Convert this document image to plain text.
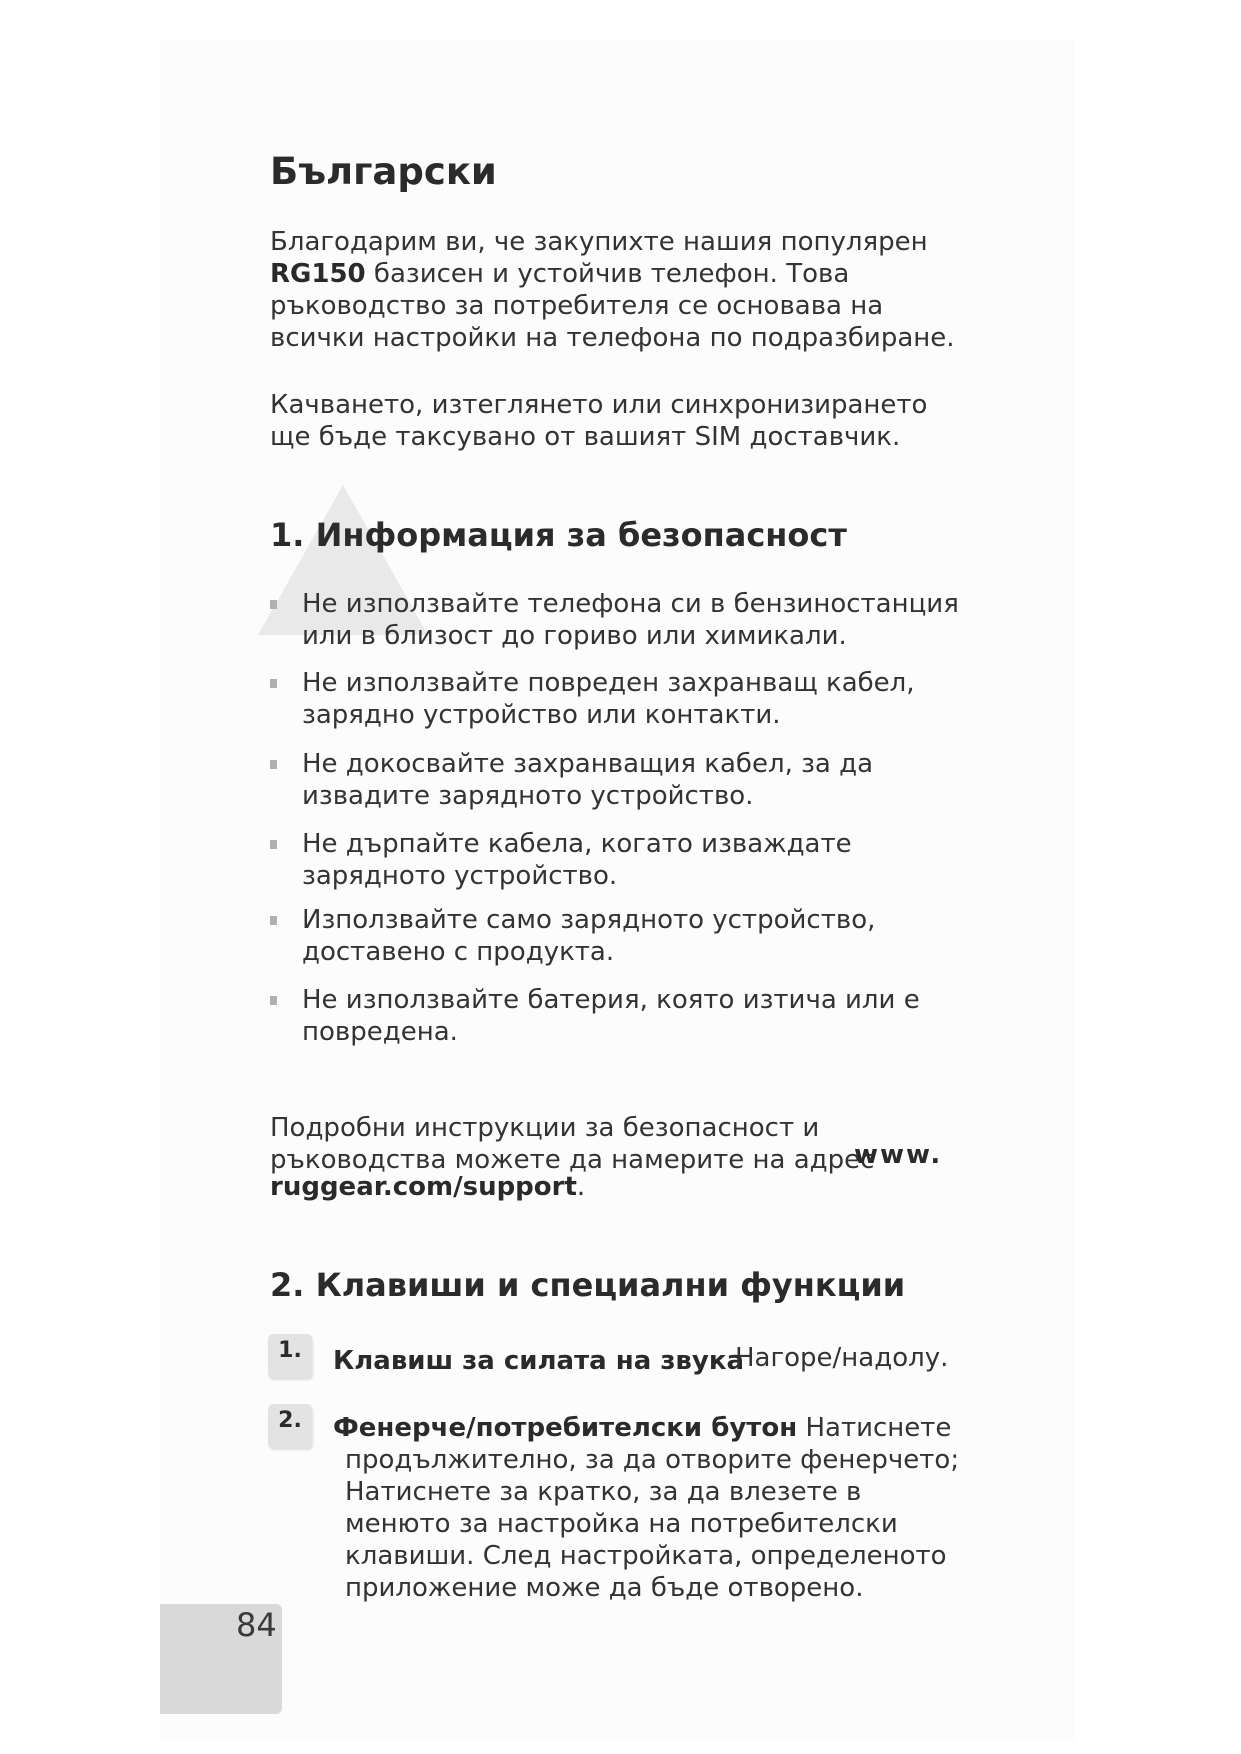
Български

Благодарим ви, че закупихте нашия популярен RG150 базисен и устойчив телефон. Това ръководство за потребителя се основава на всички настройки на телефона по подразбиране.

Качването, изтеглянето или синхронизирането ще бъде таксувано от вашият SIM доставчик.

1. Информация за безопасност

Не използвайте телефона си в бензиностанция или в близост до гориво или химикали.

Не използвайте повреден захранващ кабел, зарядно устройство или контакти.

Не докосвайте захранващия кабел, за да извадите зарядното устройство.

Не дърпайте кабела, когато изваждате зарядното устройство.

Използвайте само зарядното устройство, доставено с продукта.

Не използвайте батерия, която изтича или е повредена.

Подробни инструкции за безопасност и ръководства можете да намерите на адрес

www.
ruggear.com/support.
2. Клавиши и специални функции
1.	Клавиш за силата на звука

Нагоре/надолу.

2.	Фенерче/потребителски бутон Натиснете
продължително, за да отворите фенерчето; Натиснете за кратко, за да влезете в менюто за настройка на потребителски клавиши. След настройката, определеното приложение може да бъде отворено.
84
